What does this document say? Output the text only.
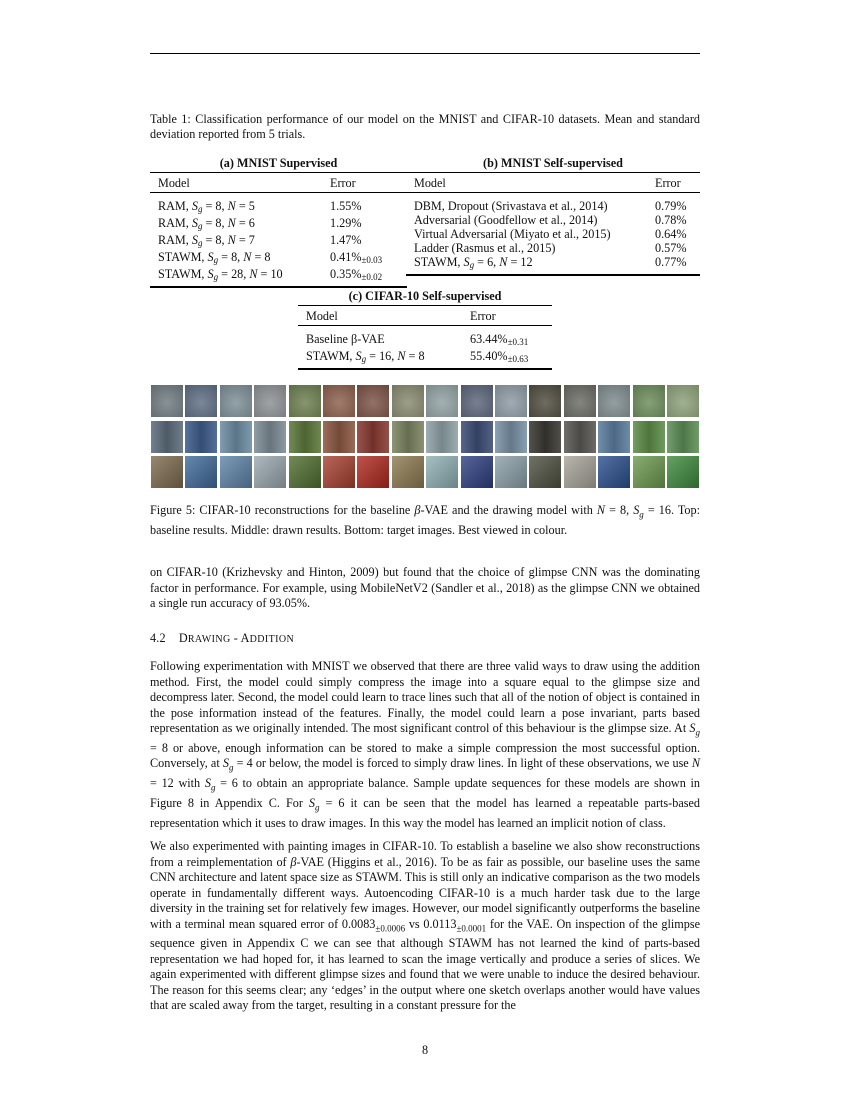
Table 1: Classification performance of our model on the MNIST and CIFAR-10 datasets. Mean and standard deviation reported from 5 trials.

(a) MNIST Supervised
Model	Error
RAM, $S_g = 8$, N = 5	1.55%
RAM, $S_g = 8$, N = 6	1.29%
RAM, $S_g = 8$, N = 7	1.47%
STAWM, $S_g = 8$, N = 8	$0.41\%_{\pm 0.03}$
STAWM, $S_g = 28$, N = 10	$0.35\%_{\pm 0.02}$
(b) MNIST Self-supervised
Model	Error
DBM, Dropout (Srivastava et al., 2014)	0.79%
Adversarial (Goodfellow et al., 2014)	0.78%
Virtual Adversarial (Miyato et al., 2015)	0.64%
Ladder (Rasmus et al., 2015)	0.57%
STAWM, $S_g = 6$, N = 12	0.77%
(c) CIFAR-10 Self-supervised
Model	Error
Baseline β-VAE	$63.44\%_{\pm 0.31}$
STAWM, $S_g = 16$, N = 8	$55.40\%_{\pm 0.63}$
Figure 5: CIFAR-10 reconstructions for the baseline β-VAE and the drawing model with N = 8, $S_g = 16$. Top: baseline results. Middle: drawn results. Bottom: target images. Best viewed in colour.

on CIFAR-10 (Krizhevsky and Hinton, 2009) but found that the choice of glimpse CNN was the dominating factor in performance. For example, using MobileNetV2 (Sandler et al., 2018) as the glimpse CNN we obtained a single run accuracy of 93.05%.

4.2 DRAWING - ADDITION
Following experimentation with MNIST we observed that there are three valid ways to draw using the addition method. First, the model could simply compress the image into a square equal to the glimpse size and decompress later. Second, the model could learn to trace lines such that all of the notion of object is contained in the pose information instead of the features. Finally, the model could learn a pose invariant, parts based representation as we originally intended. The most significant control of this behaviour is the glimpse size. At $S_g = 8$ or above, enough information can be stored to make a simple compression the most successful option. Conversely, at $S_g = 4$ or below, the model is forced to simply draw lines. In light of these observations, we use N = 12 with $S_g = 6$ to obtain an appropriate balance. Sample update sequences for these models are shown in Figure 8 in Appendix C. For $S_g = 6$ it can be seen that the model has learned a repeatable parts-based representation which it uses to draw images. In this way the model has learned an implicit notion of class.
We also experimented with painting images in CIFAR-10. To establish a baseline we also show reconstructions from a reimplementation of β-VAE (Higgins et al., 2016). To be as fair as possible, our baseline uses the same CNN architecture and latent space size as STAWM. This is still only an indicative comparison as the two models operate in fundamentally different ways. Autoencoding CIFAR-10 is a much harder task due to the large diversity in the training set for relatively few images. However, our model significantly outperforms the baseline with a terminal mean squared error of $0.0083_{\pm 0.0006}$ vs $0.0113_{\pm 0.0001}$ for the VAE. On inspection of the glimpse sequence given in Appendix C we can see that although STAWM has not learned the kind of parts-based representation we had hoped for, it has learned to scan the image vertically and produce a series of slices. We again experimented with different glimpse sizes and found that we were unable to induce the desired behaviour. The reason for this seems clear; any ‘edges’ in the output where one sketch overlaps another would have values that are scaled away from the target, resulting in a constant pressure for the
8
